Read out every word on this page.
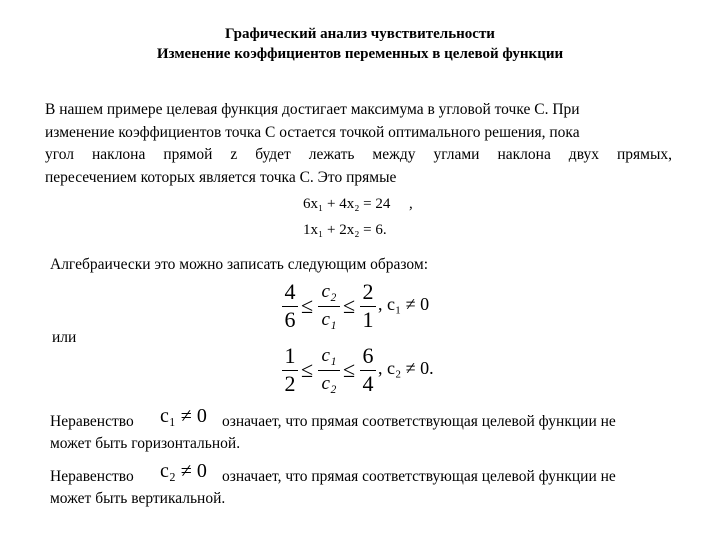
Графический анализ чувствительности
Изменение коэффициентов переменных в целевой функции
В нашем примере целевая функция достигает максимума в угловой точке C. При
изменение коэффициентов точка C остается точкой оптимального решения, пока
угол наклона прямой z будет лежать между углами наклона двух прямых,
пересечением которых является точка C. Это прямые
6x₁ + 4x₂ = 24 ,
1x₁ + 2x₂ = 6.
Алгебраически это можно записать следующим образом:
4
6
≤
c₂
c₁
≤
2
1
, c₁ ≠ 0
или
1
2
≤
c₁
c₂
≤
6
4
, c₂ ≠ 0.
Неравенство c₁ ≠ 0 означает, что прямая соответствующая целевой функции не
может быть горизонтальной.
Неравенство c₂ ≠ 0 означает, что прямая соответствующая целевой функции не
может быть вертикальной.
